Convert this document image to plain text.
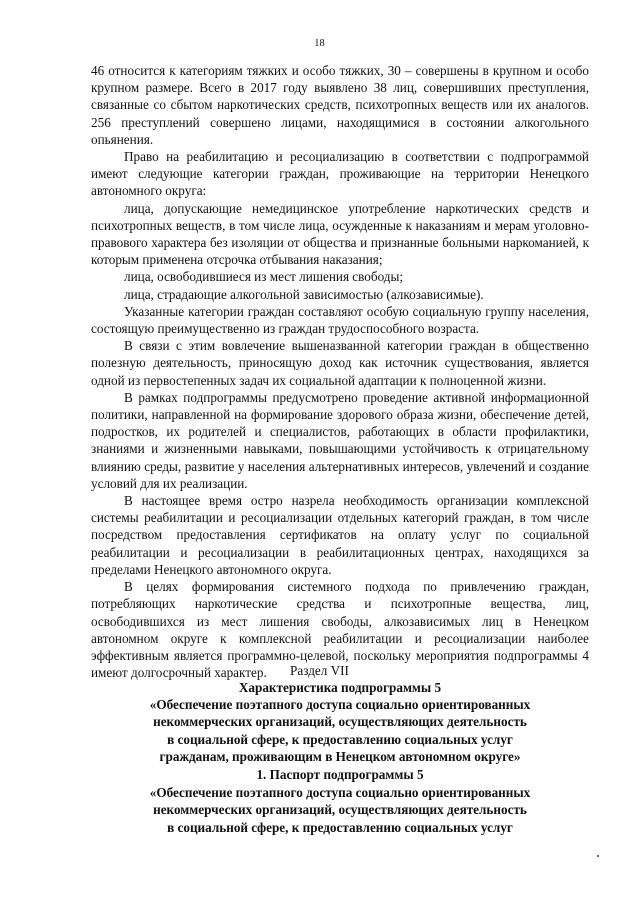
18

46 относится к категориям тяжких и особо тяжких, 30 – совершены в крупном и особо крупном размере. Всего в 2017 году выявлено 38 лиц, совершивших преступления, связанные со сбытом наркотических средств, психотропных веществ или их аналогов. 256 преступлений совершено лицами, находящимися в состоянии алкогольного опьянения.

Право на реабилитацию и ресоциализацию в соответствии с подпрограммой имеют следующие категории граждан, проживающие на территории Ненецкого автономного округа:

лица, допускающие немедицинское употребление наркотических средств и психотропных веществ, в том числе лица, осужденные к наказаниям и мерам уголовно-правового характера без изоляции от общества и признанные больными наркоманией, к которым применена отсрочка отбывания наказания;

лица, освободившиеся из мест лишения свободы;

лица, страдающие алкогольной зависимостью (алкозависимые).

Указанные категории граждан составляют особую социальную группу населения, состоящую преимущественно из граждан трудоспособного возраста.

В связи с этим вовлечение вышеназванной категории граждан в общественно полезную деятельность, приносящую доход как источник существования, является одной из первостепенных задач их социальной адаптации к полноценной жизни.

В рамках подпрограммы предусмотрено проведение активной информационной политики, направленной на формирование здорового образа жизни, обеспечение детей, подростков, их родителей и специалистов, работающих в области профилактики, знаниями и жизненными навыками, повышающими устойчивость к отрицательному влиянию среды, развитие у населения альтернативных интересов, увлечений и создание условий для их реализации.

В настоящее время остро назрела необходимость организации комплексной системы реабилитации и ресоциализации отдельных категорий граждан, в том числе посредством предоставления сертификатов на оплату услуг по социальной реабилитации и ресоциализации в реабилитационных центрах, находящихся за пределами Ненецкого автономного округа.

В целях формирования системного подхода по привлечению граждан, потребляющих наркотические средства и психотропные вещества, лиц, освободившихся из мест лишения свободы, алкозависимых лиц в Ненецком автономном округе к комплексной реабилитации и ресоциализации наиболее эффективным является программно-целевой, поскольку мероприятия подпрограммы 4 имеют долгосрочный характер.	Раздел VII
Характеристика подпрограммы 5
«Обеспечение поэтапного доступа социально ориентированных
некоммерческих организаций, осуществляющих деятельность
в социальной сфере, к предоставлению социальных услуг
гражданам, проживающим в Ненецком автономном округе»
1. Паспорт подпрограммы 5
«Обеспечение поэтапного доступа социально ориентированных
некоммерческих организаций, осуществляющих деятельность
в социальной сфере, к предоставлению социальных услуг
